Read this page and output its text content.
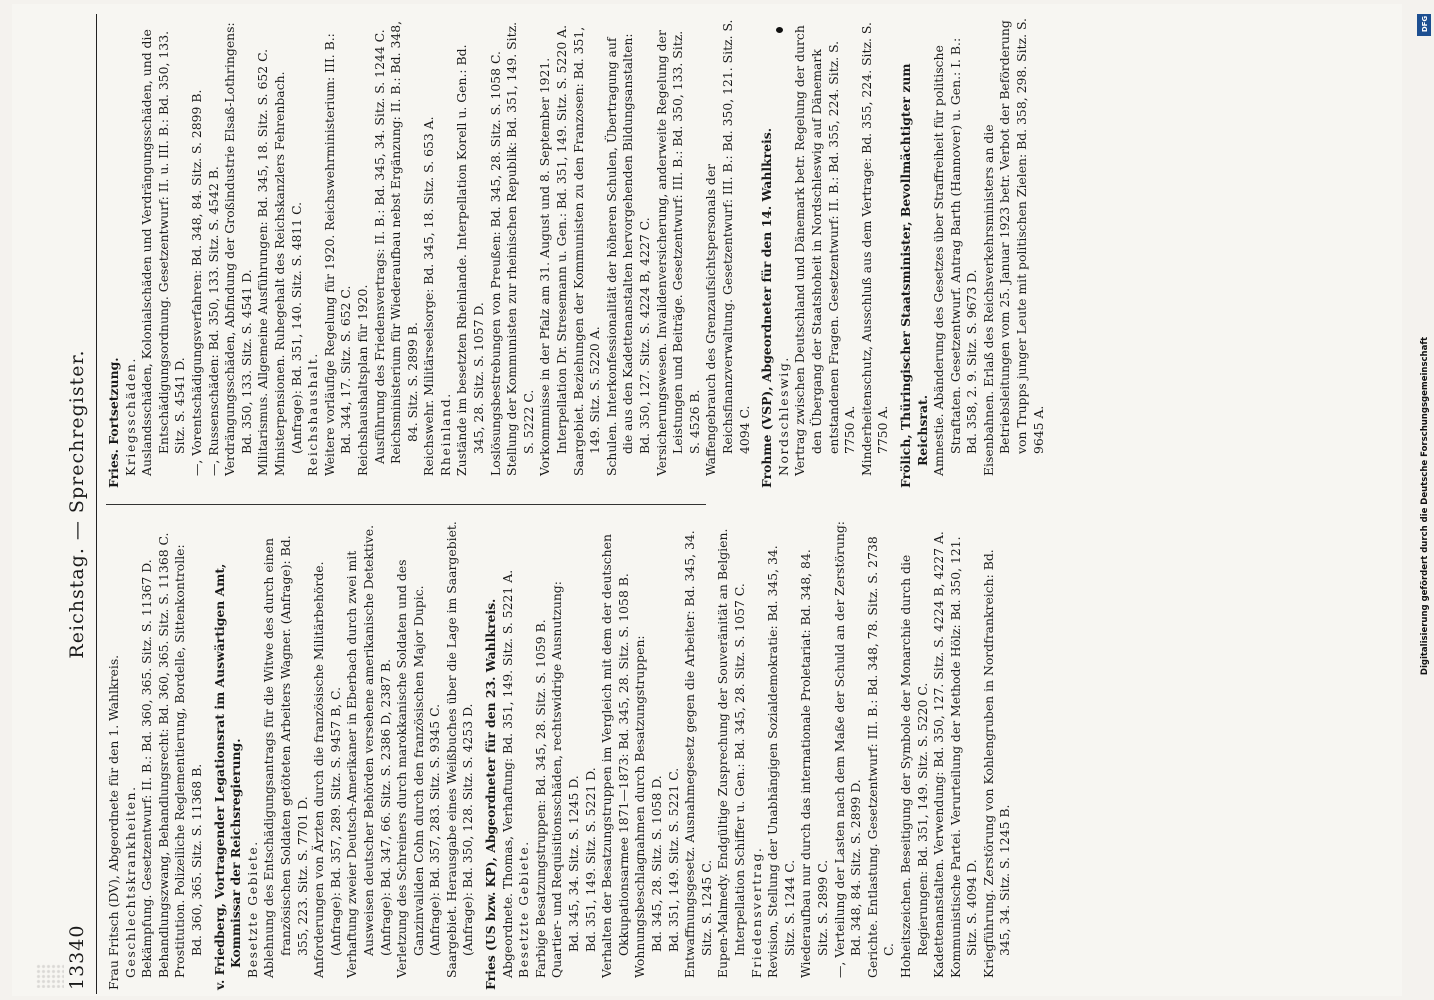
13340
Reichstag. — Sprechregister.

Frau Fritsch (DV), Abgeordnete für den 1. Wahlkreis. Geschlechtskrankheiten. Bekämpfung. Gesetzentwurf: II. B.: Bd. 360, 365. Sitz. S. 11367 D. Behandlungszwang, Behandlungsrecht: Bd. 360, 365. Sitz. S. 11368 C. Prostitution. Polizeiliche Reglementierung, Bordelle, Sittenkontrolle: Bd. 360, 365. Sitz. S. 11368 B. v. Friedberg, Vortragender Legationsrat im Auswärtigen Amt, Kommissar der Reichsregierung. Besetzte Gebiete. Ablehnung des Entschädigungsantrags für die Witwe des durch einen französischen Soldaten getöteten Arbeiters Wagner. (Anfrage): Bd. 355, 223. Sitz. S. 7701 D. Anforderungen von Ärzten durch die französische Militärbehörde. (Anfrage): Bd. 357, 289. Sitz. S. 9457 B, C. Verhaftung zweier Deutsch-Amerikaner in Eberbach durch zwei mit Ausweisen deutscher Behörden versehene amerikanische Detektive. (Anfrage): Bd. 347, 66. Sitz. S. 2386 D, 2387 B. Verletzung des Schreiners durch marokkanische Soldaten und des Ganzinvaliden Cohn durch den französischen Major Dupic. (Anfrage): Bd. 357, 283. Sitz. S. 9345 C. Saargebiet. Herausgabe eines Weißbuches über die Lage im Saargebiet. (Anfrage): Bd. 350, 128. Sitz. S. 4253 D. Fries (US bzw. KP), Abgeordneter für den 23. Wahlkreis. Abgeordnete. Thomas, Verhaftung: Bd. 351, 149. Sitz. S. 5221 A. Besetzte Gebiete. Farbige Besatzungstruppen: Bd. 345, 28. Sitz. S. 1059 B. Quartier- und Requisitionsschäden, rechtswidrige Ausnutzung: Bd. 345, 34. Sitz. S. 1245 D. Bd. 351, 149. Sitz. S. 5221 D. Verhalten der Besatzungstruppen im Vergleich mit dem der deutschen Okkupationsarmee 1871—1873: Bd. 345, 28. Sitz. S. 1058 B. Wohnungsbeschlagnahmen durch Besatzungstruppen: Bd. 345, 28. Sitz. S. 1058 D. Bd. 351, 149. Sitz. S. 5221 C. Entwaffnungsgesetz. Ausnahmegesetz gegen die Arbeiter: Bd. 345, 34. Sitz. S. 1245 C. Eupen-Malmedy. Endgültige Zusprechung der Souveränität an Belgien. Interpellation Schiffer u. Gen.: Bd. 345, 28. Sitz. S. 1057 C. Friedensvertrag. Revision, Stellung der Unabhängigen Sozialdemokratie: Bd. 345, 34. Sitz. S. 1244 C. Wiederaufbau nur durch das internationale Proletariat: Bd. 348, 84. Sitz. S. 2899 C. —, Verteilung der Lasten nach dem Maße der Schuld an der Zerstörung: Bd. 348, 84. Sitz. S. 2899 D. Gerichte. Entlastung. Gesetzentwurf: III. B.: Bd. 348, 78. Sitz. S. 2738 C. Hoheitszeichen. Beseitigung der Symbole der Monarchie durch die Regierungen: Bd. 351, 149. Sitz. S. 5220 C. Kadettenanstalten. Verwendung: Bd. 350, 127. Sitz. S. 4224 B, 4227 A. Kommunistische Partei. Verurteilung der Methode Hölz: Bd. 350, 121. Sitz. S. 4094 D. Kriegführung. Zerstörung von Kohlengruben in Nordfrankreich: Bd. 345, 34. Sitz. S. 1245 B.

Fries. Fortsetzung. Kriegsschäden. Auslandsschäden, Kolonialschäden und Verdrängungsschäden, und die Entschädigungsordnung. Gesetzentwurf: II. u. III. B.: Bd. 350, 133. Sitz. S. 4541 D. —, Vorentschädigungsverfahren: Bd. 348, 84. Sitz. S. 2899 B. —, Russenschäden: Bd. 350, 133. Sitz. S. 4542 B. Verdrängungsschäden, Abfindung der Großindustrie Elsaß-Lothringens: Bd. 350, 133. Sitz. S. 4541 D. Militarismus. Allgemeine Ausführungen: Bd. 345, 18. Sitz. S. 652 C. Ministerpensionen. Ruhegehalt des Reichskanzlers Fehrenbach. (Anfrage): Bd. 351, 140. Sitz. S. 4811 C. Reichshaushalt. Weitere vorläufige Regelung für 1920. Reichswehrministerium: III. B.: Bd. 344, 17. Sitz. S. 652 C. Reichshaushaltsplan für 1920. Ausführung des Friedensvertrags: II. B.: Bd. 345, 34. Sitz. S. 1244 C. Reichsministerium für Wiederaufbau nebst Ergänzung: II. B.: Bd. 348, 84. Sitz. S. 2899 B. Reichswehr. Militärseelsorge: Bd. 345, 18. Sitz. S. 653 A. Rheinland. Zustände im besetzten Rheinlande. Interpellation Korell u. Gen.: Bd. 345, 28. Sitz. S. 1057 D. Loslösungsbestrebungen von Preußen: Bd. 345, 28. Sitz. S. 1058 C. Stellung der Kommunisten zur rheinischen Republik: Bd. 351, 149. Sitz. S. 5222 C. Vorkommnisse in der Pfalz am 31. August und 8. September 1921. Interpellation Dr. Stresemann u. Gen.: Bd. 351, 149. Sitz. S. 5220 A. Saargebiet. Beziehungen der Kommunisten zu den Franzosen: Bd. 351, 149. Sitz. S. 5220 A. Schulen. Interkonfessionalität der höheren Schulen, Übertragung auf die aus den Kadettenanstalten hervorgehenden Bildungsanstalten: Bd. 350, 127. Sitz. S. 4224 B, 4227 C. Versicherungswesen. Invalidenversicherung, anderweite Regelung der Leistungen und Beiträge. Gesetzentwurf: III. B.: Bd. 350, 133. Sitz. S. 4526 B. Waffengebrauch des Grenzaufsichtspersonals der Reichsfinanzverwaltung. Gesetzentwurf: III. B.: Bd. 350, 121. Sitz. S. 4094 C. Frohme (VSP), Abgeordneter für den 14. Wahlkreis. Nordschleswig. Vertrag zwischen Deutschland und Dänemark betr. Regelung der durch den Übergang der Staatshoheit in Nordschleswig auf Dänemark entstandenen Fragen. Gesetzentwurf: II. B.: Bd. 355, 224. Sitz. S. 7750 A. Minderheitenschutz, Ausschluß aus dem Vertrage: Bd. 355, 224. Sitz. S. 7750 A. Frölich, Thüringischer Staatsminister, Bevollmächtigter zum Reichsrat. Amnestie. Abänderung des Gesetzes über Straffreiheit für politische Straftaten. Gesetzentwurf. Antrag Barth (Hannover) u. Gen.: I. B.: Bd. 358, 2. 9. Sitz. S. 9673 D. Eisenbahnen. Erlaß des Reichsverkehrsministers an die Betriebsleitungen vom 25. Januar 1923 betr. Verbot der Beförderung von Trupps junger Leute mit politischen Zielen: Bd. 358, 298. Sitz. S. 9645 A.

DFG
Digitalisierung gefördert durch die Deutsche Forschungsgemeinschaft
